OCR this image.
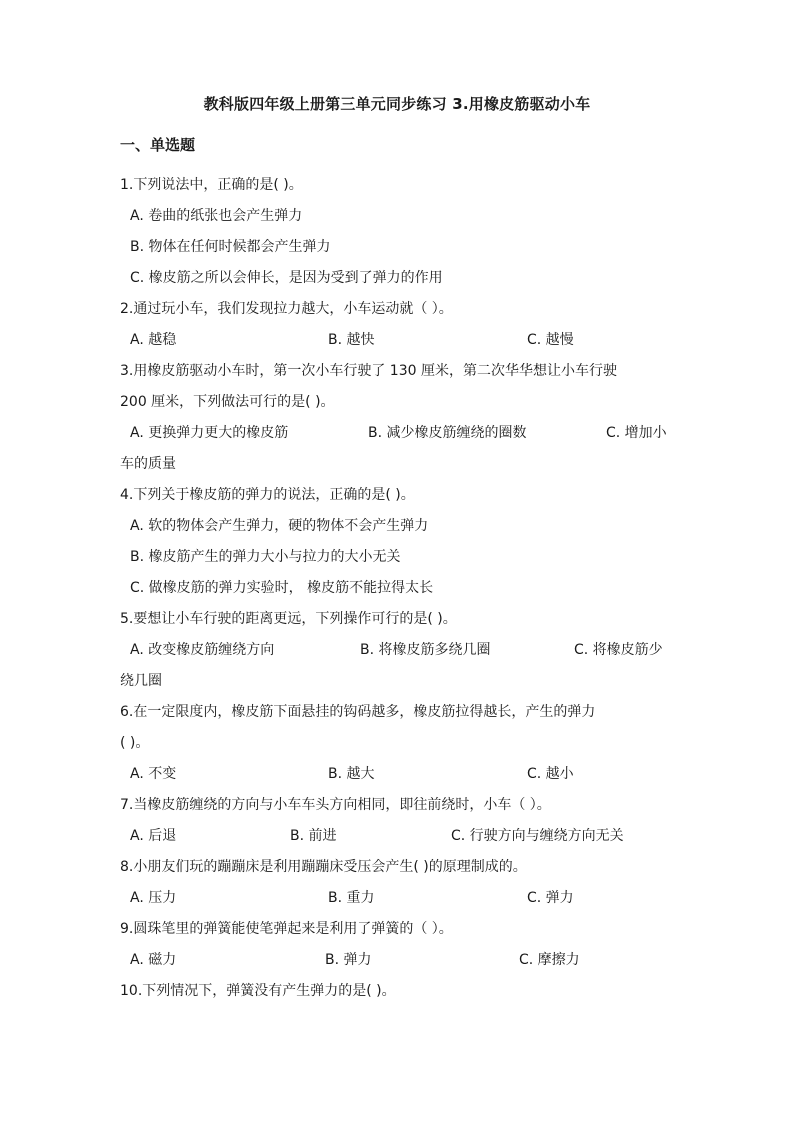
教科版四年级上册第三单元同步练习 3.用橡皮筋驱动小车
一、单选题
1.下列说法中，正确的是( )。
A. 卷曲的纸张也会产生弹力
B. 物体在任何时候都会产生弹力
C. 橡皮筋之所以会伸长，是因为受到了弹力的作用
2.通过玩小车，我们发现拉力越大，小车运动就（ ）。
A. 越稳	B. 越快	C. 越慢
3.用橡皮筋驱动小车时，第一次小车行驶了 130 厘米，第二次华华想让小车行驶
200 厘米，下列做法可行的是( )。
A. 更换弹力更大的橡皮筋	B. 减少橡皮筋缠绕的圈数	C. 增加小
车的质量
4.下列关于橡皮筋的弹力的说法，正确的是( )。
A. 软的物体会产生弹力，硬的物体不会产生弹力
B. 橡皮筋产生的弹力大小与拉力的大小无关
C. 做橡皮筋的弹力实验时， 橡皮筋不能拉得太长
5.要想让小车行驶的距离更远，下列操作可行的是( )。
A. 改变橡皮筋缠绕方向	B. 将橡皮筋多绕几圈	C. 将橡皮筋少
绕几圈
6.在一定限度内，橡皮筋下面悬挂的钩码越多，橡皮筋拉得越长，产生的弹力
( )。
A. 不变	B. 越大	C. 越小
7.当橡皮筋缠绕的方向与小车车头方向相同，即往前绕时，小车（ ）。
A. 后退	B. 前进	C. 行驶方向与缠绕方向无关
8.小朋友们玩的蹦蹦床是利用蹦蹦床受压会产生( )的原理制成的。
A. 压力	B. 重力	C. 弹力
9.圆珠笔里的弹簧能使笔弹起来是利用了弹簧的（ ）。
A. 磁力	B. 弹力	C. 摩擦力
10.下列情况下，弹簧没有产生弹力的是( )。
